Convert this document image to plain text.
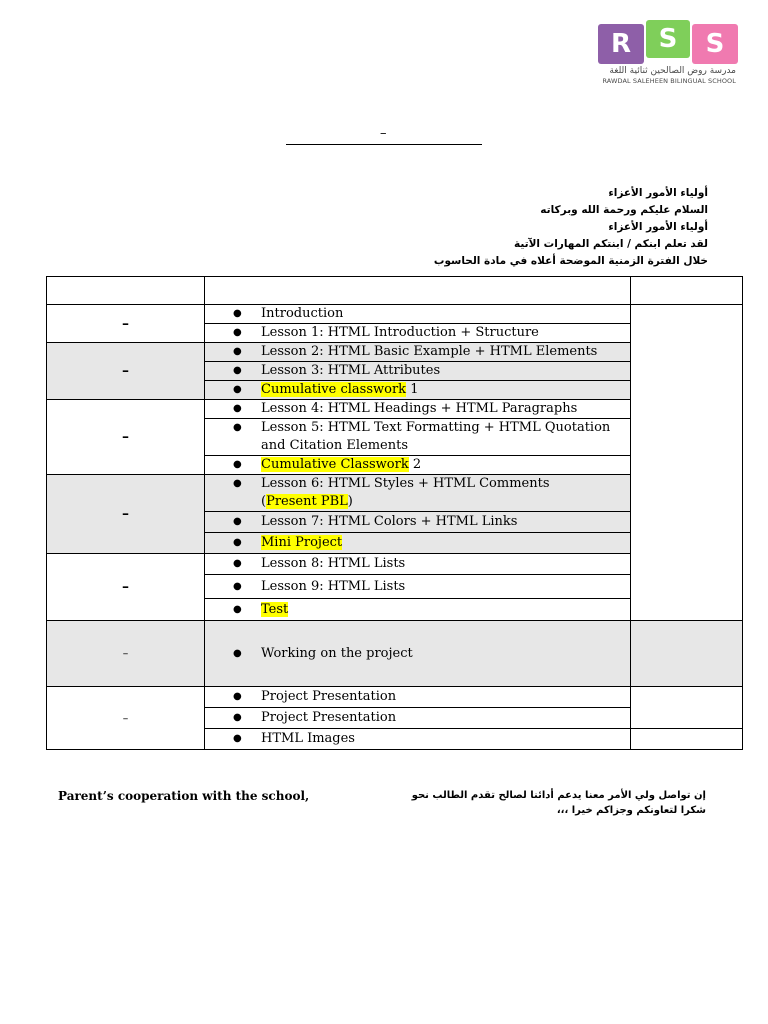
R	S	S
مدرسة روض الصالحين ثنائية اللغة
RAWDAL SALEHEEN BILINGUAL SCHOOL
–
أولياء الأمور الأعزاء
السلام عليكم ورحمة الله وبركاته
أولياء الأمور الأعزاء
لقد تعلم ابنكم / ابنتكم المهارات الآتية
خلال الفترة الزمنية الموضحة أعلاه في مادة الحاسوب

–	● Introduction	

	● Lesson 1: HTML Introduction + Structure	

–	● Lesson 2: HTML Basic Example + HTML Elements	

	● Lesson 3: HTML Attributes	

	● Cumulative classwork 1	

–	● Lesson 4: HTML Headings + HTML Paragraphs	

	● Lesson 5: HTML Text Formatting + HTML Quotation and Citation Elements	

	● Cumulative Classwork 2	

–	● Lesson 6: HTML Styles + HTML Comments
(Present PBL)	

	● Lesson 7: HTML Colors + HTML Links	

	● Mini Project	

–	● Lesson 8: HTML Lists	

	● Lesson 9: HTML Lists	

	● Test	

–	● Working on the project	

–	● Project Presentation	

	● Project Presentation	

	● HTML Images	

Parent’s cooperation with the school,	إن تواصل ولي الأمر معنا يدعم أدائنا لصالح تقدم الطالب نحو
شكرا لتعاونكم وجزاكم خيرا ،،،
